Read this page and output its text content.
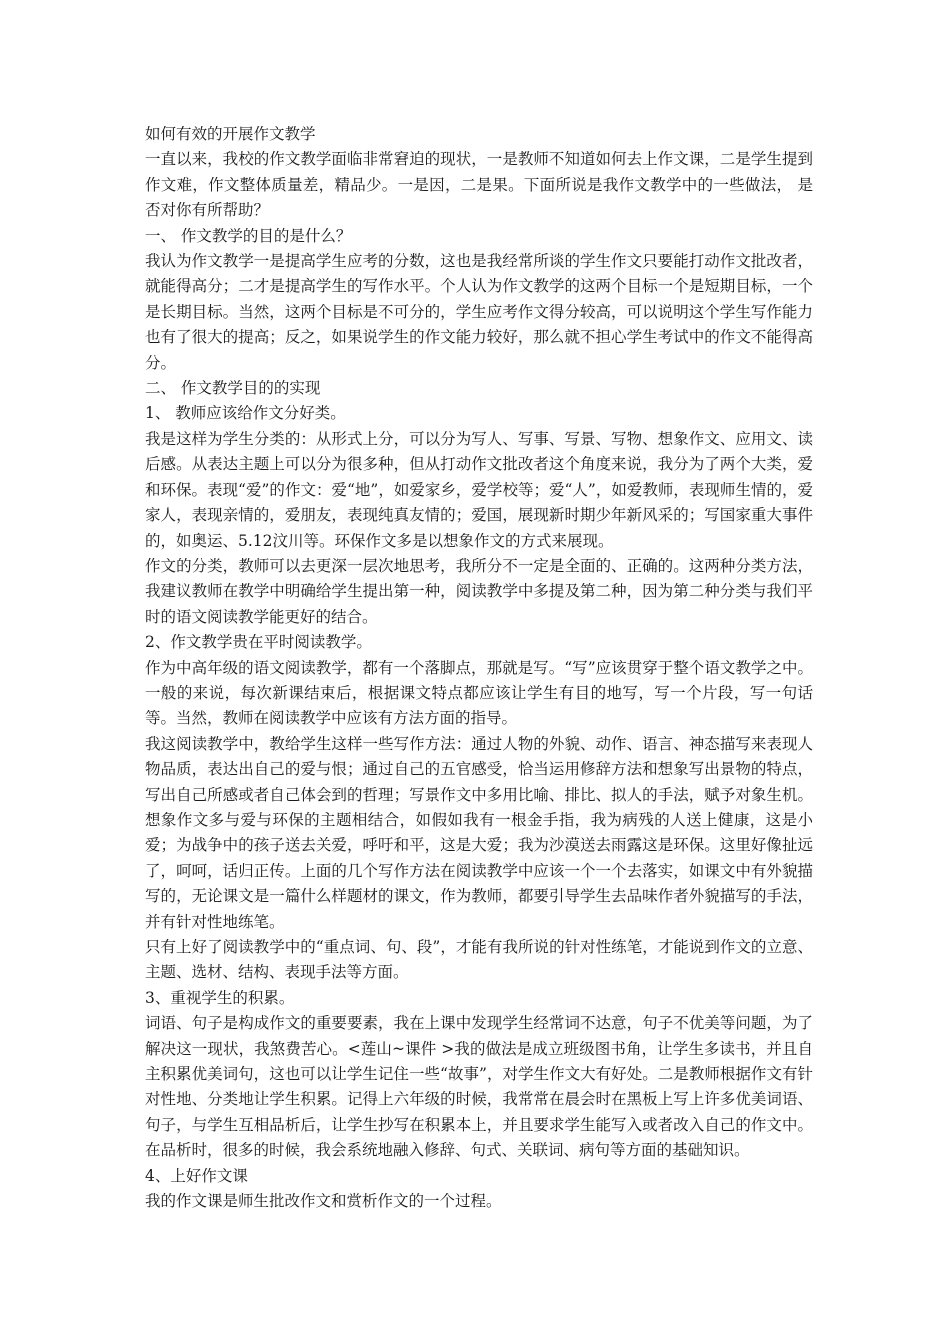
如何有效的开展作文教学

一直以来，我校的作文教学面临非常窘迫的现状，一是教师不知道如何去上作文课，二是学生提到作文难，作文整体质量差，精品少。一是因，二是果。下面所说是我作文教学中的一些做法， 是否对你有所帮助？

一、 作文教学的目的是什么？

我认为作文教学一是提高学生应考的分数，这也是我经常所谈的学生作文只要能打动作文批改者，就能得高分；二才是提高学生的写作水平。个人认为作文教学的这两个目标一个是短期目标，一个是长期目标。当然，这两个目标是不可分的，学生应考作文得分较高，可以说明这个学生写作能力也有了很大的提高；反之，如果说学生的作文能力较好，那么就不担心学生考试中的作文不能得高分。

二、 作文教学目的的实现

1、 教师应该给作文分好类。

我是这样为学生分类的：从形式上分，可以分为写人、写事、写景、写物、想象作文、应用文、读后感。从表达主题上可以分为很多种，但从打动作文批改者这个角度来说，我分为了两个大类，爱和环保。表现“爱”的作文：爱“地”，如爱家乡，爱学校等；爱“人”，如爱教师，表现师生情的，爱家人，表现亲情的，爱朋友，表现纯真友情的；爱国，展现新时期少年新风采的；写国家重大事件的，如奥运、5.12汶川等。环保作文多是以想象作文的方式来展现。

作文的分类，教师可以去更深一层次地思考，我所分不一定是全面的、正确的。这两种分类方法，我建议教师在教学中明确给学生提出第一种，阅读教学中多提及第二种，因为第二种分类与我们平时的语文阅读教学能更好的结合。

2、作文教学贵在平时阅读教学。

作为中高年级的语文阅读教学，都有一个落脚点，那就是写。“写”应该贯穿于整个语文教学之中。一般的来说，每次新课结束后，根据课文特点都应该让学生有目的地写，写一个片段，写一句话等。当然，教师在阅读教学中应该有方法方面的指导。

我这阅读教学中，教给学生这样一些写作方法：通过人物的外貌、动作、语言、神态描写来表现人物品质，表达出自己的爱与恨；通过自己的五官感受，恰当运用修辞方法和想象写出景物的特点，写出自己所感或者自己体会到的哲理；写景作文中多用比喻、排比、拟人的手法，赋予对象生机。想象作文多与爱与环保的主题相结合，如假如我有一根金手指，我为病残的人送上健康，这是小爱；为战争中的孩子送去关爱，呼吁和平，这是大爱；我为沙漠送去雨露这是环保。这里好像扯远了，呵呵，话归正传。上面的几个写作方法在阅读教学中应该一个一个去落实，如课文中有外貌描写的，无论课文是一篇什么样题材的课文，作为教师，都要引导学生去品味作者外貌描写的手法，并有针对性地练笔。

只有上好了阅读教学中的“重点词、句、段”，才能有我所说的针对性练笔，才能说到作文的立意、主题、选材、结构、表现手法等方面。

3、重视学生的积累。

词语、句子是构成作文的重要要素，我在上课中发现学生经常词不达意，句子不优美等问题，为了解决这一现状，我煞费苦心。<莲山~课件 >我的做法是成立班级图书角，让学生多读书，并且自主积累优美词句，这也可以让学生记住一些“故事”，对学生作文大有好处。二是教师根据作文有针对性地、分类地让学生积累。记得上六年级的时候，我常常在晨会时在黑板上写上许多优美词语、句子，与学生互相品析后，让学生抄写在积累本上，并且要求学生能写入或者改入自己的作文中。在品析时，很多的时候，我会系统地融入修辞、句式、关联词、病句等方面的基础知识。

4、上好作文课

我的作文课是师生批改作文和赏析作文的一个过程。
